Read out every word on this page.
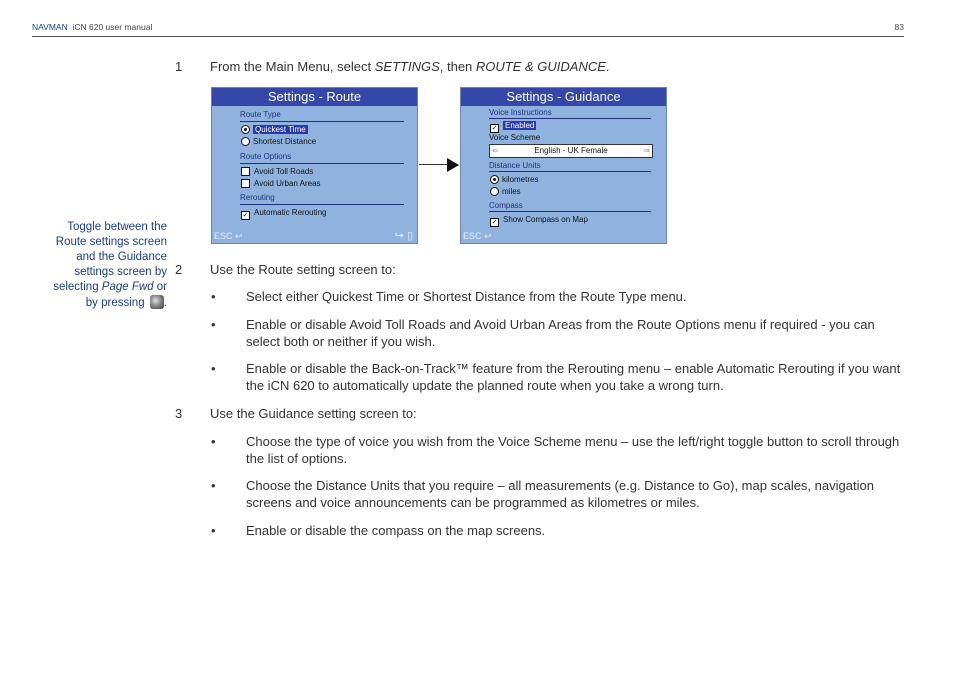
NAVMAN iCN 620 user manual	83
1 From the Main Menu, select SETTINGS, then ROUTE & GUIDANCE.
Settings - Route
Route Type
Quickest Time
Shortest Distance
Route Options
Avoid Toll Roads
Avoid Urban Areas
Rerouting
✓ Automatic Rerouting
ESC ↩	↪ ▯
Settings - Guidance
Voice Instructions
✓ Enabled
Voice Scheme
⇐	English - UK Female	⇒
Distance Units
kilometres
miles
Compass
✓ Show Compass on Map
ESC ↩
Toggle between the Route settings screen and the Guidance settings screen by selecting Page Fwd or by pressing .
2 Use the Route setting screen to:
• Select either Quickest Time or Shortest Distance from the Route Type menu.
• Enable or disable Avoid Toll Roads and Avoid Urban Areas from the Route Options menu if required - you can select both or neither if you wish.
• Enable or disable the Back-on-Track™ feature from the Rerouting menu – enable Automatic Rerouting if you want the iCN 620 to automatically update the planned route when you take a wrong turn.
3 Use the Guidance setting screen to:
• Choose the type of voice you wish from the Voice Scheme menu – use the left/right toggle button to scroll through the list of options.
• Choose the Distance Units that you require – all measurements (e.g. Distance to Go), map scales, navigation screens and voice announcements can be programmed as kilometres or miles.
• Enable or disable the compass on the map screens.
